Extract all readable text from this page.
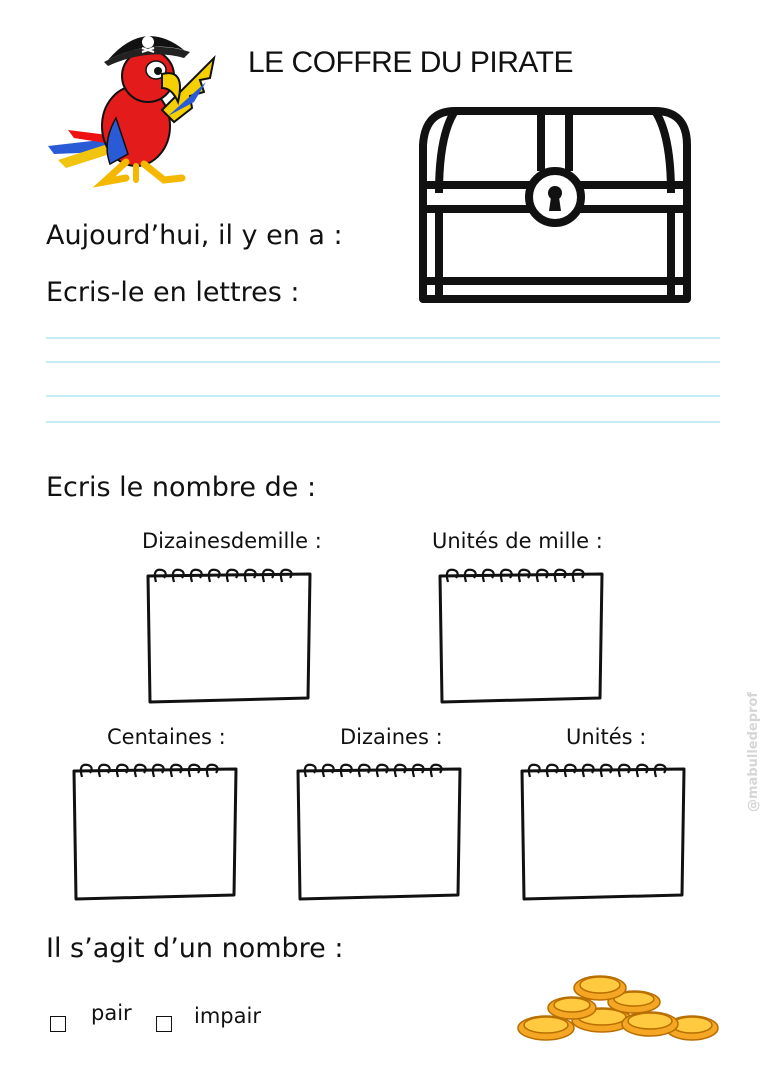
LE COFFRE DU PIRATE
Aujourd’hui, il y en a :
Ecris-le en lettres :
Ecris le nombre de :
Dizainesdemille :	Unités de mille :
Centaines :	Dizaines :	Unités :	@mabulledeprof
Il s’agit d’un nombre :
pair	impair
